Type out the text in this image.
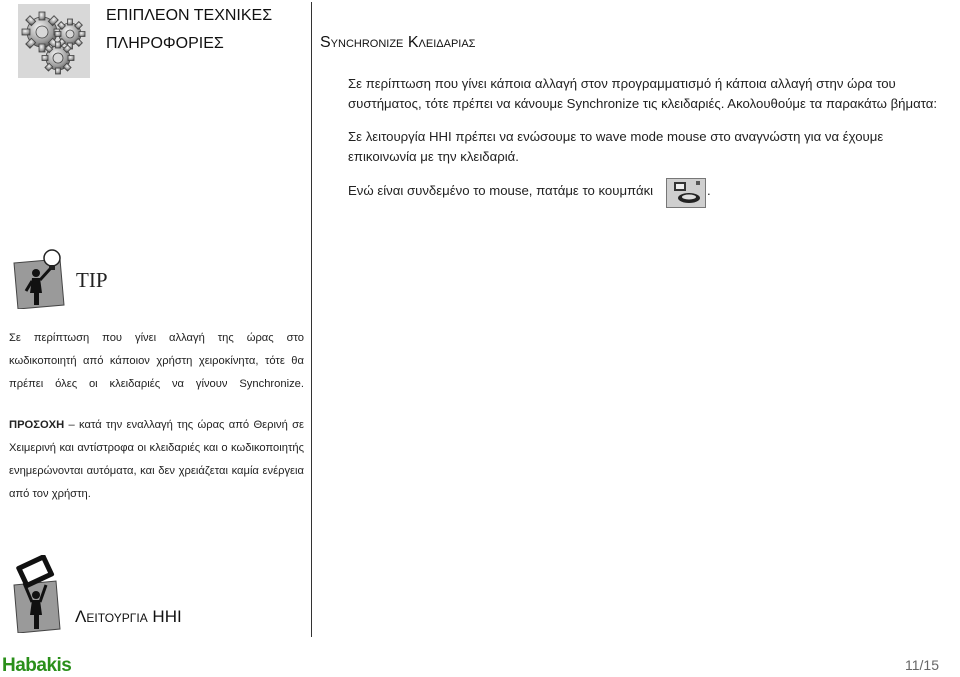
ΕΠΙΠΛΕΟΝ ΤΕΧΝΙΚΕΣ
ΠΛΗΡΟΦΟΡΙΕΣ	Synchronize Κλειδαριασ
Σε περίπτωση που γίνει κάποια αλλαγή στον προγραμματισμό ή κάποια αλλαγή στην ώρα του συστήματος, τότε πρέπει να κάνουμε Synchronize τις κλειδαριές. Ακολουθούμε τα παρακάτω βήματα:
Σε λειτουργία HHI πρέπει να ενώσουμε το wave mode mouse στο αναγνώστη για να έχουμε επικοινωνία με την κλειδαριά.
Ενώ είναι συνδεμένο το mouse, πατάμε το κουμπάκι	.
TIP
Σε περίπτωση που γίνει αλλαγή της ώρας στο κωδικοποιητή από κάποιον χρήστη χειροκίνητα, τότε θα πρέπει όλες οι κλειδαριές να γίνουν Synchronize.
ΠΡΟΣΟΧΗ – κατά την εναλλαγή της ώρας από Θερινή σε Χειμερινή και αντίστροφα οι κλειδαριές και ο κωδικοποιητής ενημερώνονται αυτόματα, και δεν χρειάζεται καμία ενέργεια από τον χρήστη.
Λειτουργια HHI
Habakis	11/15
